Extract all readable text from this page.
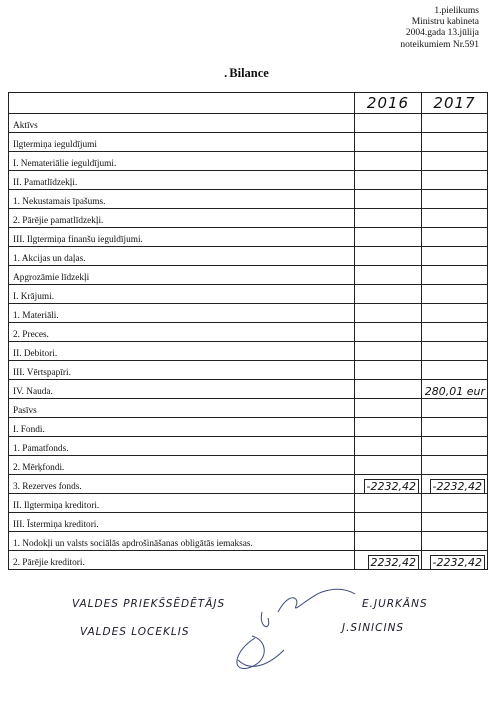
1.pielikums
Ministru kabineta
2004.gada 13.jūlija
noteikumiem Nr.591
. Bilance
	2016	2017
Aktīvs		
Ilgtermiņa ieguldījumi		
I. Nemateriālie ieguldījumi.		
II. Pamatlīdzekļi.		
1. Nekustamais īpašums.		
2. Pārējie pamatlīdzekļi.		
III. Ilgtermiņa finanšu ieguldījumi.		
1. Akcijas un daļas.		
Apgrozāmie līdzekļi		
I. Krājumi.		
1. Materiāli.		
2. Preces.		
II. Debitori.		
III. Vērtspapīri.		
IV. Nauda.		280,01 eur
Pasīvs		
I. Fondi.		
1. Pamatfonds.		
2. Mērķfondi.		
3. Rezerves fonds.	-2232,42	-2232,42
II. Ilgtermiņa kreditori.		
III. Īstermiņa kreditori.		
1. Nodokļi un valsts sociālās apdrošināšanas obligātās iemaksas.		
2. Pārējie kreditori.	2232,42	-2232,42
VALDES PRIEKŠSĒDĒTĀJS	E.JURKĀNS
VALDES LOCEKLIS	J.SINICINS
